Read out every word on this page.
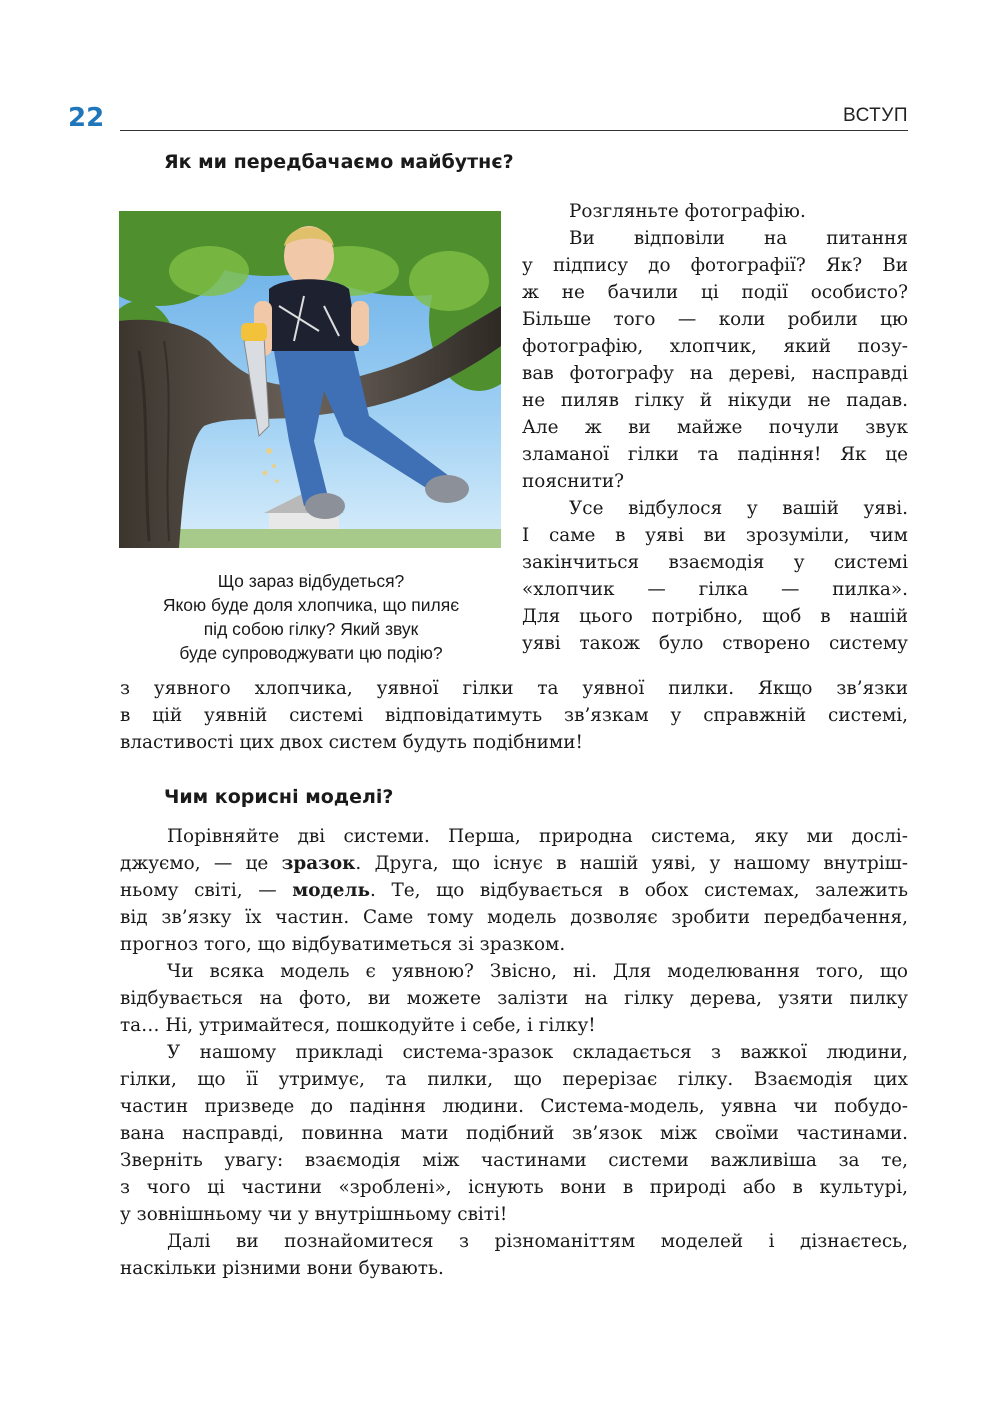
22	ВСТУП
Як ми передбачаємо майбутнє?
Що зараз відбудеться?
Якою буде доля хлопчика, що пиляє
під собою гілку? Який звук
буде супроводжувати цю подію?
Розгляньте фотографію.
Ви відповіли на питання
у підпису до фотографії? Як? Ви
ж не бачили ці події особисто?
Більше того — коли робили цю
фотографію, хлопчик, який позу-
вав фотографу на дереві, насправді
не пиляв гілку й нікуди не падав.
Але ж ви майже почули звук
зламаної гілки та падіння! Як це
пояснити?
Усе відбулося у вашій уяві.
І саме в уяві ви зрозуміли, чим
закінчиться взаємодія у системі
«хлопчик — гілка — пилка».
Для цього потрібно, щоб в нашій
уяві також було створено систему
з уявного хлопчика, уявної гілки та уявної пилки. Якщо зв’язки
в цій уявній системі відповідатимуть зв’язкам у справжній системі,
властивості цих двох систем будуть подібними!
Чим корисні моделі?
Порівняйте дві системи. Перша, природна система, яку ми дослі-
джуємо, — це зразок. Друга, що існує в нашій уяві, у нашому внутріш-
ньому світі, — модель. Те, що відбувається в обох системах, залежить
від зв’язку їх частин. Саме тому модель дозволяє зробити передбачення,
прогноз того, що відбуватиметься зі зразком.
Чи всяка модель є уявною? Звісно, ні. Для моделювання того, що
відбувається на фото, ви можете залізти на гілку дерева, узяти пилку
та… Ні, утримайтеся, пошкодуйте і себе, і гілку!
У нашому прикладі система-зразок складається з важкої людини,
гілки, що її утримує, та пилки, що перерізає гілку. Взаємодія цих
частин призведе до падіння людини. Система-модель, уявна чи побудо-
вана насправді, повинна мати подібний зв’язок між своїми частинами.
Зверніть увагу: взаємодія між частинами системи важливіша за те,
з чого ці частини «зроблені», існують вони в природі або в культурі,
у зовнішньому чи у внутрішньому світі!
Далі ви познайомитеся з різноманіттям моделей і дізнаєтесь,
наскільки різними вони бувають.
